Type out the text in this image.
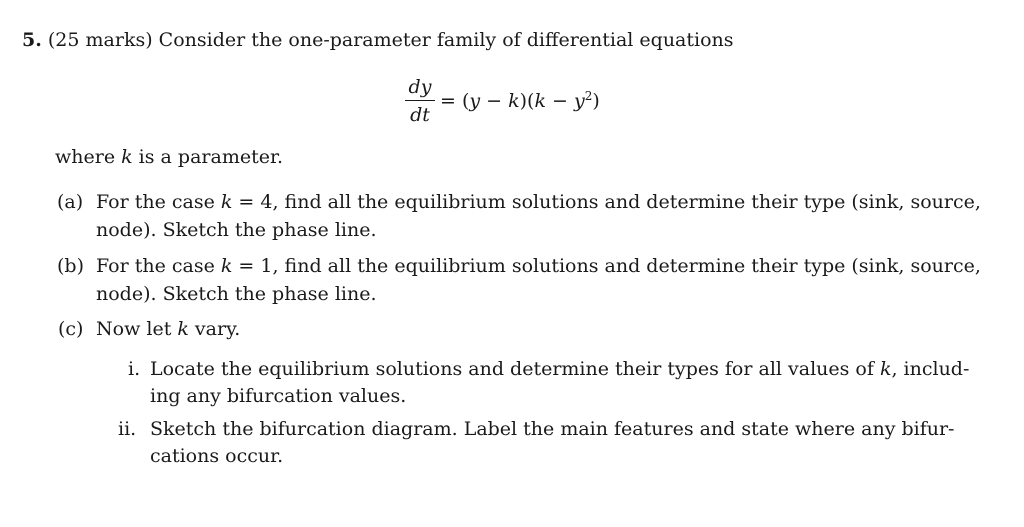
5. (25 marks) Consider the one-parameter family of differential equations
dy
dt
= $(y - k)(k - y^2)$
where k is a parameter.
(a) For the case k = 4, find all the equilibrium solutions and determine their type (sink, source,
node). Sketch the phase line.
(b) For the case k = 1, find all the equilibrium solutions and determine their type (sink, source,
node). Sketch the phase line.
(c) Now let k vary.
i. Locate the equilibrium solutions and determine their types for all values of k, includ-
ing any bifurcation values.
ii. Sketch the bifurcation diagram. Label the main features and state where any bifur-
cations occur.
